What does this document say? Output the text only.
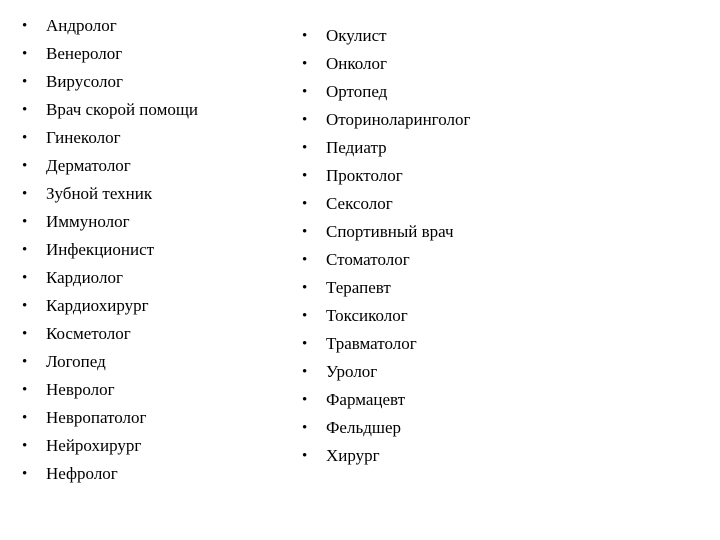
• Андролог
• Венеролог
• Вирусолог
• Врач скорой помощи
• Гинеколог
• Дерматолог
• Зубной техник
• Иммунолог
• Инфекционист
• Кардиолог
• Кардиохирург
• Косметолог
• Логопед
• Невролог
• Невропатолог
• Нейрохирург
• Нефролог
• Окулист
• Онколог
• Ортопед
• Оториноларинголог
• Педиатр
• Проктолог
• Сексолог
• Спортивный врач
• Стоматолог
• Терапевт
• Токсиколог
• Травматолог
• Уролог
• Фармацевт
• Фельдшер
• Хирург
